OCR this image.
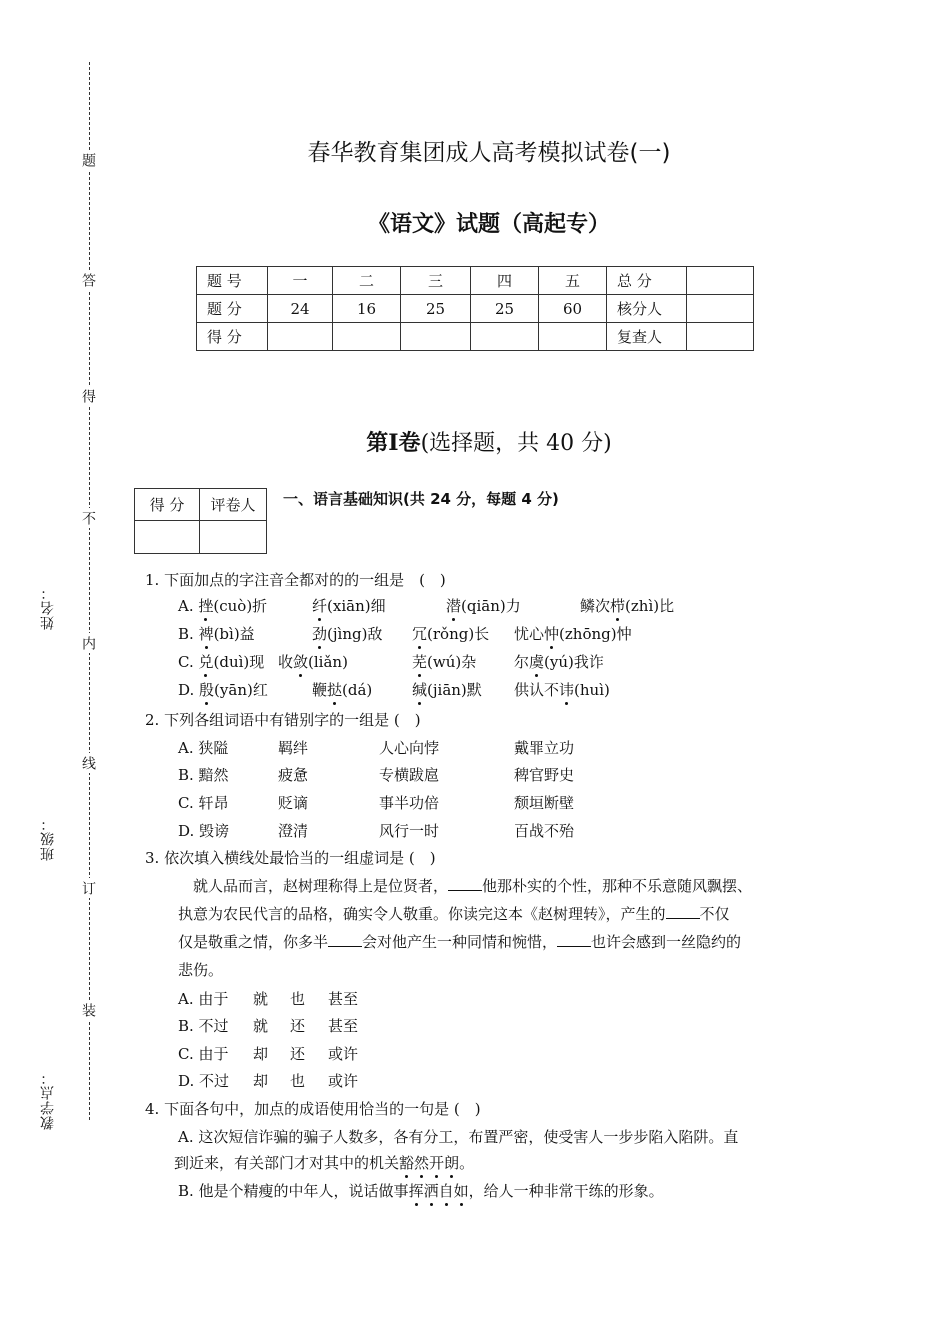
题
答
得
不
内
线
订
装
姓名：
班级：
教学点：
春华教育集团成人高考模拟试卷(一)
《语文》试题（高起专）
题 号	一	二	三	四	五	总 分	
题 分	24	16	25	25	60	核分人	
得 分						复查人	
第Ⅰ卷(选择题，共 40 分)
得 分	评卷人
	一、语言基础知识(共 24 分，每题 4 分)
1. 下面加点的字注音全都对的的一组是　(　)
A. 挫(cuò)折	纤(xiān)细	潜(qiān)力	鳞次栉(zhì)比
B. 裨(bì)益	劲(jìng)敌 冗(rǒng)长 忧心忡(zhōng)忡
C. 兑(duì)现 收敛(liǎn)	芜(wú)杂	尔虞(yú)我诈
D. 殷(yān)红	鞭挞(dá)	缄(jiān)默 供认不讳(huì)
2. 下列各组词语中有错别字的一组是 (　)
A. 狭隘	羁绊	人心向悖	戴罪立功
B. 黯然	疲惫	专横跋扈	稗官野史
C. 轩昂	贬谪	事半功倍	颓垣断壁
D. 毁谤	澄清	风行一时	百战不殆
3. 依次填入横线处最恰当的一组虚词是 (　)
　就人品而言，赵树理称得上是位贤者， 他那朴实的个性，那种不乐意随风飘摆、
执意为农民代言的品格，确实令人敬重。你读完这本《赵树理转》，产生的 不仅
仅是敬重之情，你多半 会对他产生一种同情和惋惜， 也许会感到一丝隐约的
悲伤。
A. 由于 就 也 甚至
B. 不过 就 还 甚至
C. 由于 却 还 或许
D. 不过 却 也 或许
4. 下面各句中，加点的成语使用恰当的一句是 (　)
A. 这次短信诈骗的骗子人数多，各有分工，布置严密，使受害人一步步陷入陷阱。直
到近来，有关部门才对其中的机关豁然开朗。
B. 他是个精瘦的中年人，说话做事挥洒自如，给人一种非常干练的形象。
